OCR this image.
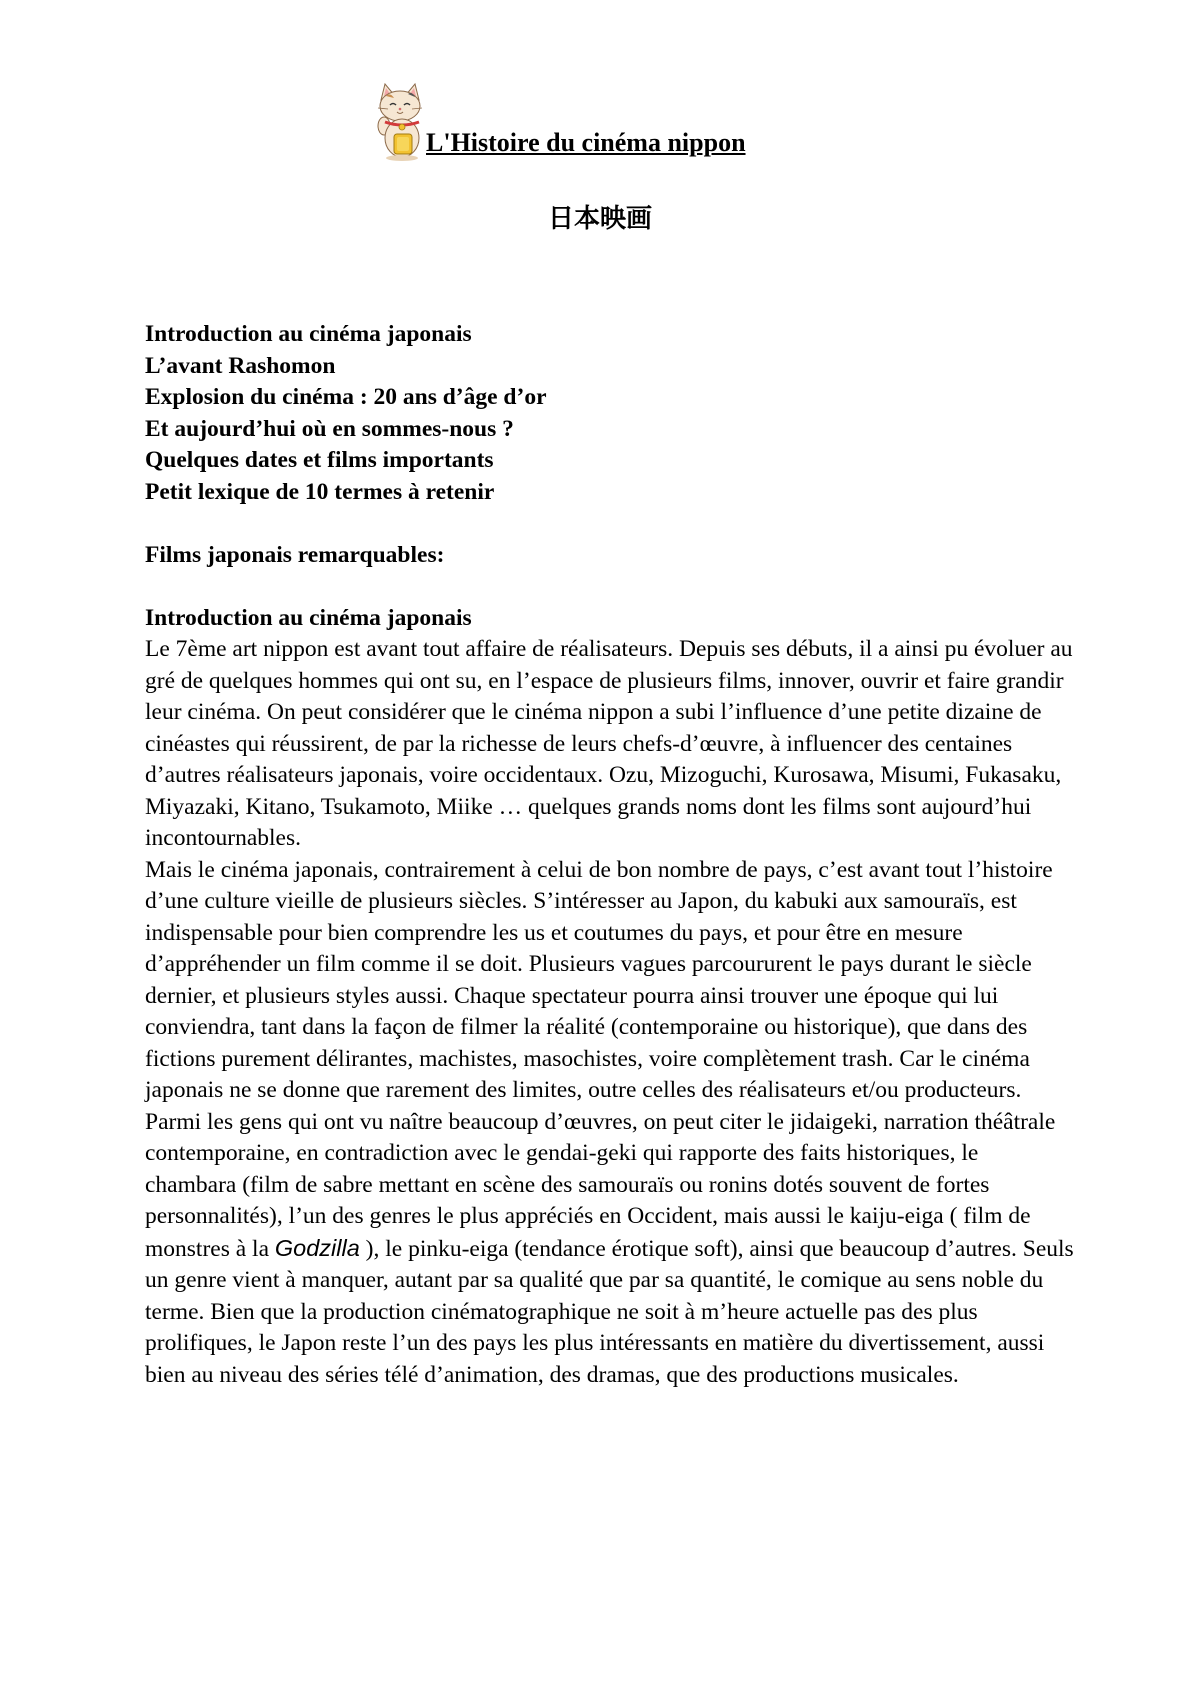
L'Histoire du cinéma nippon
日本映画
Introduction au cinéma japonais
L’avant Rashomon
Explosion du cinéma : 20 ans d’âge d’or
Et aujourd’hui où en sommes-nous ?
Quelques dates et films importants
Petit lexique de 10 termes à retenir
Films japonais remarquables:
Introduction au cinéma japonais

Le 7ème art nippon est avant tout affaire de réalisateurs. Depuis ses débuts, il a ainsi pu évoluer au gré de quelques hommes qui ont su, en l’espace de plusieurs films, innover, ouvrir et faire grandir leur cinéma. On peut considérer que le cinéma nippon a subi l’influence d’une petite dizaine de cinéastes qui réussirent, de par la richesse de leurs chefs-d’œuvre, à influencer des centaines d’autres réalisateurs japonais, voire occidentaux. Ozu, Mizoguchi, Kurosawa, Misumi, Fukasaku, Miyazaki, Kitano, Tsukamoto, Miike … quelques grands noms dont les films sont aujourd’hui incontournables.

Mais le cinéma japonais, contrairement à celui de bon nombre de pays, c’est avant tout l’histoire d’une culture vieille de plusieurs siècles. S’intéresser au Japon, du kabuki aux samouraïs, est indispensable pour bien comprendre les us et coutumes du pays, et pour être en mesure d’appréhender un film comme il se doit. Plusieurs vagues parcoururent le pays durant le siècle dernier, et plusieurs styles aussi. Chaque spectateur pourra ainsi trouver une époque qui lui conviendra, tant dans la façon de filmer la réalité (contemporaine ou historique), que dans des fictions purement délirantes, machistes, masochistes, voire complètement trash. Car le cinéma japonais ne se donne que rarement des limites, outre celles des réalisateurs et/ou producteurs.

Parmi les gens qui ont vu naître beaucoup d’œuvres, on peut citer le jidaigeki, narration théâtrale contemporaine, en contradiction avec le gendai-geki qui rapporte des faits historiques, le chambara (film de sabre mettant en scène des samouraïs ou ronins dotés souvent de fortes personnalités), l’un des genres le plus appréciés en Occident, mais aussi le kaiju-eiga ( film de monstres à la Godzilla ), le pinku-eiga (tendance érotique soft), ainsi que beaucoup d’autres. Seuls un genre vient à manquer, autant par sa qualité que par sa quantité, le comique au sens noble du terme. Bien que la production cinématographique ne soit à m’heure actuelle pas des plus prolifiques, le Japon reste l’un des pays les plus intéressants en matière du divertissement, aussi bien au niveau des séries télé d’animation, des dramas, que des productions musicales.
